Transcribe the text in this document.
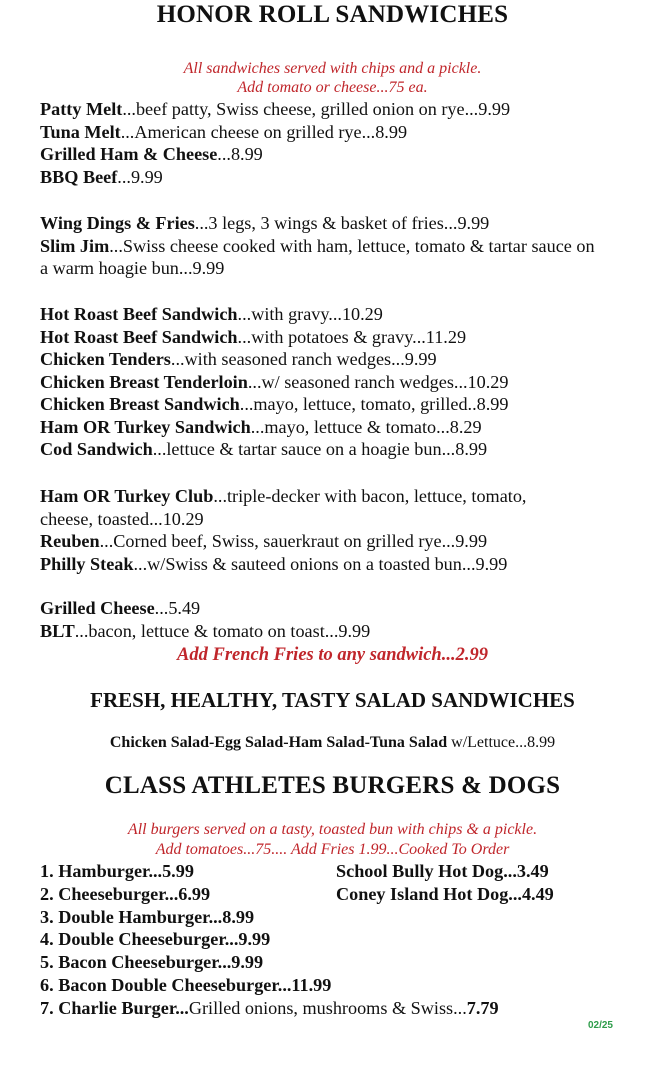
HONOR ROLL SANDWICHES
All sandwiches served with chips and a pickle.
Add tomato or cheese...75 ea.
Patty Melt...beef patty, Swiss cheese, grilled onion on rye...9.99
Tuna Melt...American cheese on grilled rye...8.99
Grilled Ham & Cheese...8.99
BBQ Beef...9.99
Wing Dings & Fries...3 legs, 3 wings & basket of fries...9.99
Slim Jim...Swiss cheese cooked with ham, lettuce, tomato & tartar sauce on a warm hoagie bun...9.99
Hot Roast Beef Sandwich...with gravy...10.29
Hot Roast Beef Sandwich...with potatoes & gravy...11.29
Chicken Tenders...with seasoned ranch wedges...9.99
Chicken Breast Tenderloin...w/ seasoned ranch wedges...10.29
Chicken Breast Sandwich...mayo, lettuce, tomato, grilled..8.99
Ham OR Turkey Sandwich...mayo, lettuce & tomato...8.29
Cod Sandwich...lettuce & tartar sauce on a hoagie bun...8.99
Ham OR Turkey Club...triple-decker with bacon, lettuce, tomato, cheese, toasted...10.29
Reuben...Corned beef, Swiss, sauerkraut on grilled rye...9.99
Philly Steak...w/Swiss & sauteed onions on a toasted bun...9.99
Grilled Cheese...5.49
BLT...bacon, lettuce & tomato on toast...9.99
Add French Fries to any sandwich...2.99
FRESH, HEALTHY, TASTY SALAD SANDWICHES
Chicken Salad-Egg Salad-Ham Salad-Tuna Salad w/Lettuce...8.99
CLASS ATHLETES BURGERS & DOGS
All burgers served on a tasty, toasted bun with chips & a pickle.
Add tomatoes...75.... Add Fries 1.99...Cooked To Order
1. Hamburger...5.99
2. Cheeseburger...6.99
3. Double Hamburger...8.99
4. Double Cheeseburger...9.99
5. Bacon Cheeseburger...9.99
6. Bacon Double Cheeseburger...11.99
7. Charlie Burger...Grilled onions, mushrooms & Swiss...7.79
School Bully Hot Dog...3.49
Coney Island Hot Dog...4.49
02/25
